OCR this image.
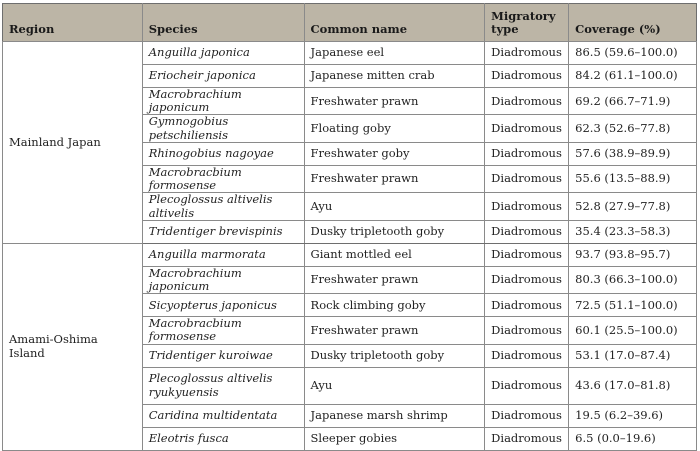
Region	Species	Common name	Migratory type	Coverage (%)
Mainland Japan	Anguilla japonica	Japanese eel	Diadromous	86.5 (59.6–100.0)
	Eriocheir japonica	Japanese mitten crab	Diadromous	84.2 (61.1–100.0)
	Macrobrachium japonicum	Freshwater prawn	Diadromous	69.2 (66.7–71.9)
	Gymnogobius petschiliensis	Floating goby	Diadromous	62.3 (52.6–77.8)
	Rhinogobius nagoyae	Freshwater goby	Diadromous	57.6 (38.9–89.9)
	Macrobracbium formosense	Freshwater prawn	Diadromous	55.6 (13.5–88.9)
	Plecoglossus altivelis altivelis	Ayu	Diadromous	52.8 (27.9–77.8)
	Tridentiger brevispinis	Dusky tripletooth goby	Diadromous	35.4 (23.3–58.3)
Amami-Oshima Island	Anguilla marmorata	Giant mottled eel	Diadromous	93.7 (93.8–95.7)
	Macrobrachium japonicum	Freshwater prawn	Diadromous	80.3 (66.3–100.0)
	Sicyopterus japonicus	Rock climbing goby	Diadromous	72.5 (51.1–100.0)
	Macrobracbium formosense	Freshwater prawn	Diadromous	60.1 (25.5–100.0)
	Tridentiger kuroiwae	Dusky tripletooth goby	Diadromous	53.1 (17.0–87.4)
	Plecoglossus altivelis ryukyuensis	Ayu	Diadromous	43.6 (17.0–81.8)
	Caridina multidentata	Japanese marsh shrimp	Diadromous	19.5 (6.2–39.6)
	Eleotris fusca	Sleeper gobies	Diadromous	6.5 (0.0–19.6)
